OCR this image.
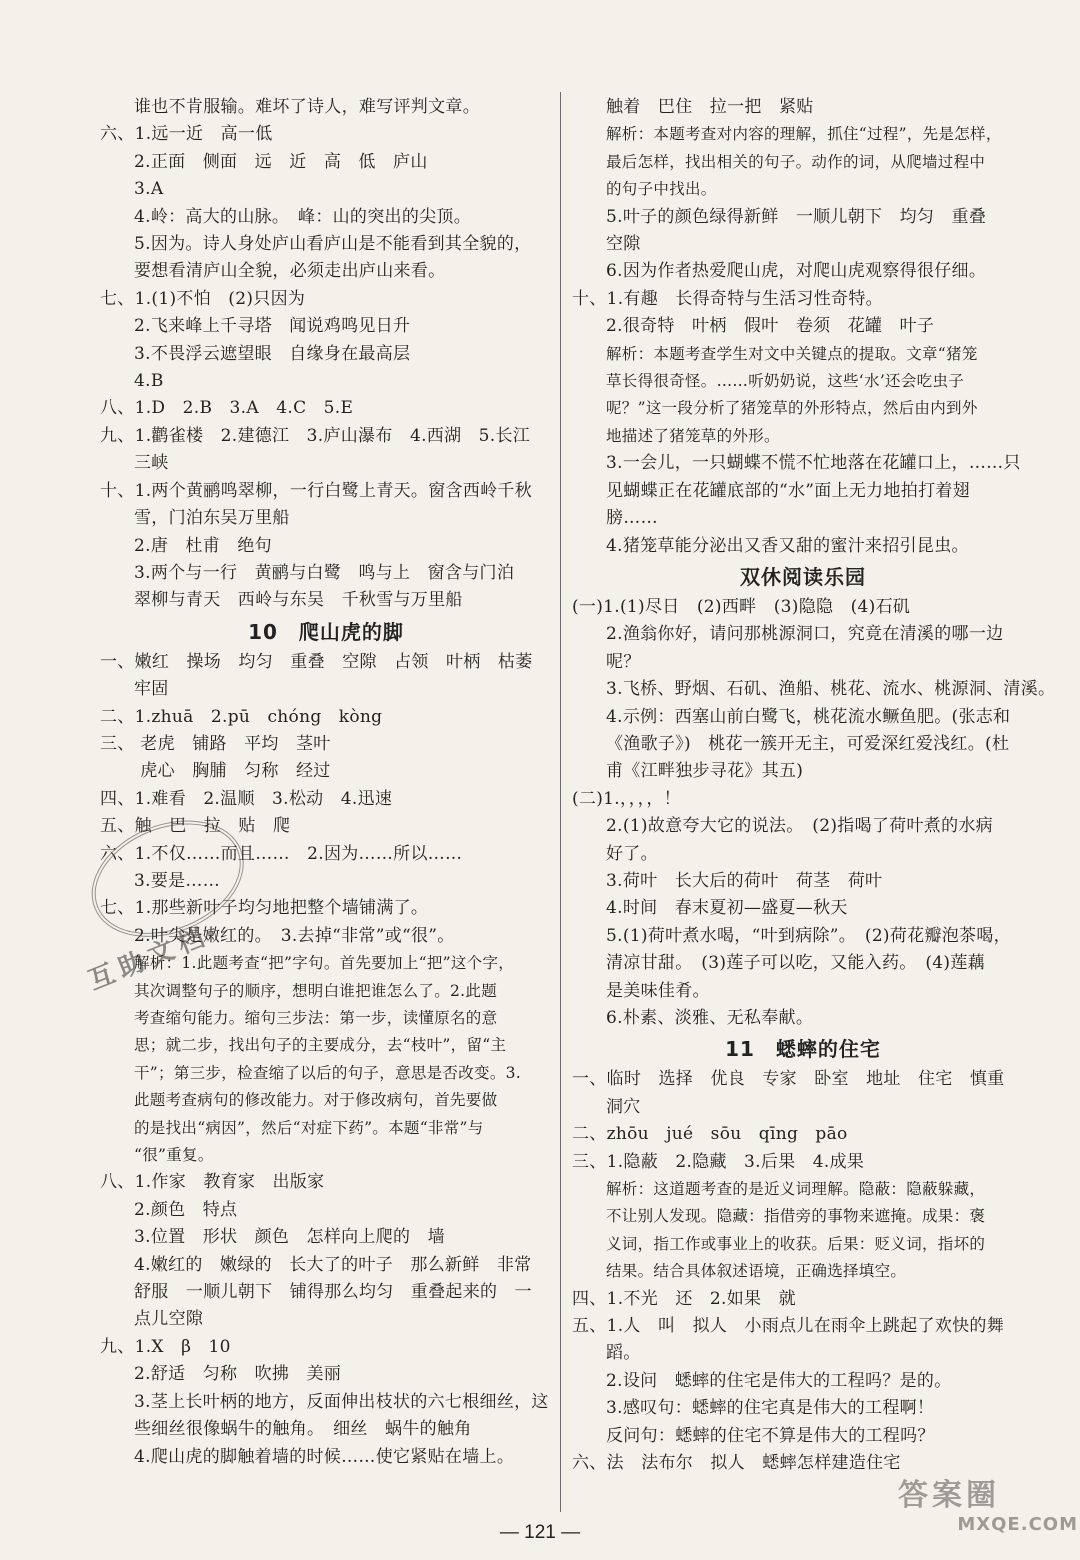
谁也不肯服输。难坏了诗人，难写评判文章。
六、1.远一近　高一低
2.正面　侧面　远　近　高　低　庐山
3.A
4.岭：高大的山脉。　峰：山的突出的尖顶。
5.因为。诗人身处庐山看庐山是不能看到其全貌的，
要想看清庐山全貌，必须走出庐山来看。
七、1.(1)不怕　(2)只因为
2.飞来峰上千寻塔　闻说鸡鸣见日升
3.不畏浮云遮望眼　自缘身在最高层
4.B
八、1.D　2.B　3.A　4.C　5.E
九、1.鹳雀楼　2.建德江　3.庐山瀑布　4.西湖　5.长江
三峡
十、1.两个黄鹂鸣翠柳，一行白鹭上青天。窗含西岭千秋
雪，门泊东吴万里船
2.唐　杜甫　绝句
3.两个与一行　黄鹂与白鹭　鸣与上　窗含与门泊
翠柳与青天　西岭与东吴　千秋雪与万里船
10　爬山虎的脚
一、嫩红　操场　均匀　重叠　空隙　占领　叶柄　枯萎
牢固
二、1.zhuā　2.pū　chóng　kòng
三、 老虎　铺路　平均　茎叶
　　 虎心　胸脯　匀称　经过
四、1.难看　2.温顺　3.松动　4.迅速
五、触　巴　拉　贴　爬
六、1.不仅……而且……　2.因为……所以……
3.要是……
七、1.那些新叶子均匀地把整个墙铺满了。
2.叶尖是嫩红的。　3.去掉“非常”或“很”。
解析：1.此题考查“把”字句。首先要加上“把”这个字，
其次调整句子的顺序，想明白谁把谁怎么了。2.此题
考查缩句能力。缩句三步法：第一步，读懂原名的意
思；就二步，找出句子的主要成分，去“枝叶”，留“主
干”；第三步，检查缩了以后的句子，意思是否改变。3.
此题考查病句的修改能力。对于修改病句，首先要做
的是找出“病因”，然后“对症下药”。本题“非常”与
“很”重复。
八、1.作家　教育家　出版家
2.颜色　特点
3.位置　形状　颜色　怎样向上爬的　墙
4.嫩红的　嫩绿的　长大了的叶子　那么新鲜　非常
舒服　一顺儿朝下　铺得那么均匀　重叠起来的　一
点儿空隙
九、1.X　β　10
2.舒适　匀称　吹拂　美丽
3.茎上长叶柄的地方，反面伸出枝状的六七根细丝，这
些细丝很像蜗牛的触角。　细丝　蜗牛的触角
4.爬山虎的脚触着墙的时候……使它紧贴在墙上。
触着　巴住　拉一把　紧贴
解析：本题考查对内容的理解，抓住“过程”，先是怎样，
最后怎样，找出相关的句子。动作的词，从爬墙过程中
的句子中找出。
5.叶子的颜色绿得新鲜　一顺儿朝下　均匀　重叠
空隙
6.因为作者热爱爬山虎，对爬山虎观察得很仔细。
十、1.有趣　长得奇特与生活习性奇特。
2.很奇特　叶柄　假叶　卷须　花罐　叶子
解析：本题考查学生对文中关键点的提取。文章“猪笼
草长得很奇怪。……听奶奶说，这些‘水’还会吃虫子
呢？”这一段分析了猪笼草的外形特点，然后由内到外
地描述了猪笼草的外形。
3.一会儿，一只蝴蝶不慌不忙地落在花罐口上，……只
见蝴蝶正在花罐底部的“水”面上无力地拍打着翅
膀……
4.猪笼草能分泌出又香又甜的蜜汁来招引昆虫。
双休阅读乐园
(一)1.(1)尽日　(2)西畔　(3)隐隐　(4)石矶
2.渔翁你好，请问那桃源洞口，究竟在清溪的哪一边
呢？
3.飞桥、野烟、石矶、渔船、桃花、流水、桃源洞、清溪。
4.示例：西塞山前白鹭飞，桃花流水鳜鱼肥。(张志和
《渔歌子》)　桃花一簇开无主，可爱深红爱浅红。(杜
甫《江畔独步寻花》其五)
(二)1.，，，，！
2.(1)故意夸大它的说法。　(2)指喝了荷叶煮的水病
好了。
3.荷叶　长大后的荷叶　荷茎　荷叶
4.时间　春末夏初—盛夏—秋天
5.(1)荷叶煮水喝，“叶到病除”。　(2)荷花瓣泡茶喝，
清凉甘甜。　(3)莲子可以吃，又能入药。　(4)莲藕
是美味佳肴。
6.朴素、淡雅、无私奉献。
11　蟋蟀的住宅
一、临时　选择　优良　专家　卧室　地址　住宅　慎重
洞穴
二、zhōu　jué　sōu　qīng　pāo
三、1.隐蔽　2.隐藏　3.后果　4.成果
解析：这道题考查的是近义词理解。隐蔽：隐蔽躲藏，
不让别人发现。隐藏：指借旁的事物来遮掩。成果：褒
义词，指工作或事业上的收获。后果：贬义词，指坏的
结果。结合具体叙述语境，正确选择填空。
四、1.不光　还　2.如果　就
五、1.人　叫　拟人　小雨点儿在雨伞上跳起了欢快的舞
蹈。
2.设问　蟋蟀的住宅是伟大的工程吗？是的。
3.感叹句：蟋蟀的住宅真是伟大的工程啊！
反问句：蟋蟀的住宅不算是伟大的工程吗？
六、法　法布尔　拟人　蟋蟀怎样建造住宅
— 121 —
互助文档
答案圈
MXQE.COM
